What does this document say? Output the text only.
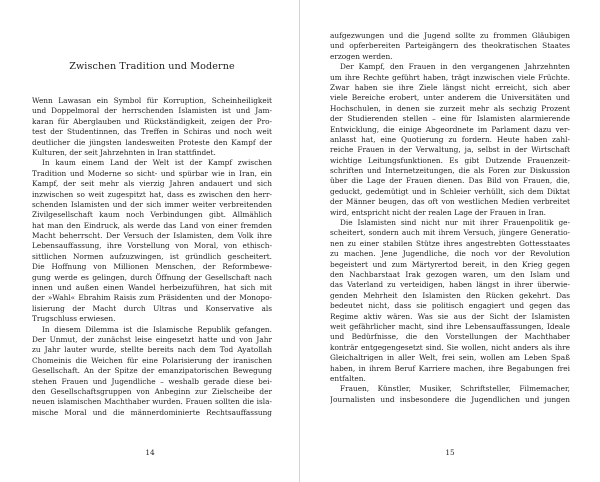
Zwischen Tradition und Moderne
Wenn Lawasan ein Symbol für Korruption, Scheinheiligkeit
und Doppelmoral der herrschenden Islamisten ist und Jam-
karan für Aberglauben und Rückständigkeit, zeigen der Pro-
test der Studentinnen, das Treffen in Schiras und noch weit
deutlicher die jüngsten landesweiten Proteste den Kampf der
Kulturen, der seit Jahrzehnten in Iran stattfindet.
In kaum einem Land der Welt ist der Kampf zwischen
Tradition und Moderne so sicht- und spürbar wie in Iran, ein
Kampf, der seit mehr als vierzig Jahren andauert und sich
inzwischen so weit zugespitzt hat, dass es zwischen den herr-
schenden Islamisten und der sich immer weiter verbreitenden
Zivilgesellschaft kaum noch Verbindungen gibt. Allmählich
hat man den Eindruck, als werde das Land von einer fremden
Macht beherrscht. Der Versuch der Islamisten, dem Volk ihre
Lebensauffassung, ihre Vorstellung von Moral, von ethisch-
sittlichen Normen aufzuzwingen, ist gründlich gescheitert.
Die Hoffnung von Millionen Menschen, der Reformbewe-
gung werde es gelingen, durch Öffnung der Gesellschaft nach
innen und außen einen Wandel herbeizuführen, hat sich mit
der »Wahl« Ebrahim Raisis zum Präsidenten und der Monopo-
lisierung der Macht durch Ultras und Konservative als
Trugschluss erwiesen.
In diesem Dilemma ist die Islamische Republik gefangen.
Der Unmut, der zunächst leise eingesetzt hatte und von Jahr
zu Jahr lauter wurde, stellte bereits nach dem Tod Ayatollah
Chomeinis die Weichen für eine Polarisierung der iranischen
Gesellschaft. An der Spitze der emanzipatorischen Bewegung
stehen Frauen und Jugendliche – weshalb gerade diese bei-
den Gesellschaftsgruppen von Anbeginn zur Zielscheibe der
neuen islamischen Machthaber wurden. Frauen sollten die isla-
mische Moral und die männerdominierte Rechtsauffassung
14
aufgezwungen und die Jugend sollte zu frommen Gläubigen
und opferbereiten Parteigängern des theokratischen Staates
erzogen werden.
Der Kampf, den Frauen in den vergangenen Jahrzehnten
um ihre Rechte geführt haben, trägt inzwischen viele Früchte.
Zwar haben sie ihre Ziele längst nicht erreicht, sich aber
viele Bereiche erobert, unter anderem die Universitäten und
Hochschulen, in denen sie zurzeit mehr als sechzig Prozent
der Studierenden stellen – eine für Islamisten alarmierende
Entwicklung, die einige Abgeordnete im Parlament dazu ver-
anlasst hat, eine Quotierung zu fordern. Heute haben zahl-
reiche Frauen in der Verwaltung, ja, selbst in der Wirtschaft
wichtige Leitungsfunktionen. Es gibt Dutzende Frauenzeit-
schriften und Internetzeitungen, die als Foren zur Diskussion
über die Lage der Frauen dienen. Das Bild von Frauen, die,
geduckt, gedemütigt und in Schleier verhüllt, sich dem Diktat
der Männer beugen, das oft von westlichen Medien verbreitet
wird, entspricht nicht der realen Lage der Frauen in Iran.
Die Islamisten sind nicht nur mit ihrer Frauenpolitik ge-
scheitert, sondern auch mit ihrem Versuch, jüngere Generatio-
nen zu einer stabilen Stütze ihres angestrebten Gottesstaates
zu machen. Jene Jugendliche, die noch vor der Revolution
begeistert und zum Märtyrertod bereit, in den Krieg gegen
den Nachbarstaat Irak gezogen waren, um den Islam und
das Vaterland zu verteidigen, haben längst in ihrer überwie-
genden Mehrheit den Islamisten den Rücken gekehrt. Das
bedeutet nicht, dass sie politisch engagiert und gegen das
Regime aktiv wären. Was sie aus der Sicht der Islamisten
weit gefährlicher macht, sind ihre Lebensauffassungen, Ideale
und Bedürfnisse, die den Vorstellungen der Machthaber
konträr entgegengesetzt sind. Sie wollen, nicht anders als ihre
Gleichaltrigen in aller Welt, frei sein, wollen am Leben Spaß
haben, in ihrem Beruf Karriere machen, ihre Begabungen frei
entfalten.
Frauen, Künstler, Musiker, Schriftsteller, Filmemacher,
Journalisten und insbesondere die Jugendlichen und jungen
15
